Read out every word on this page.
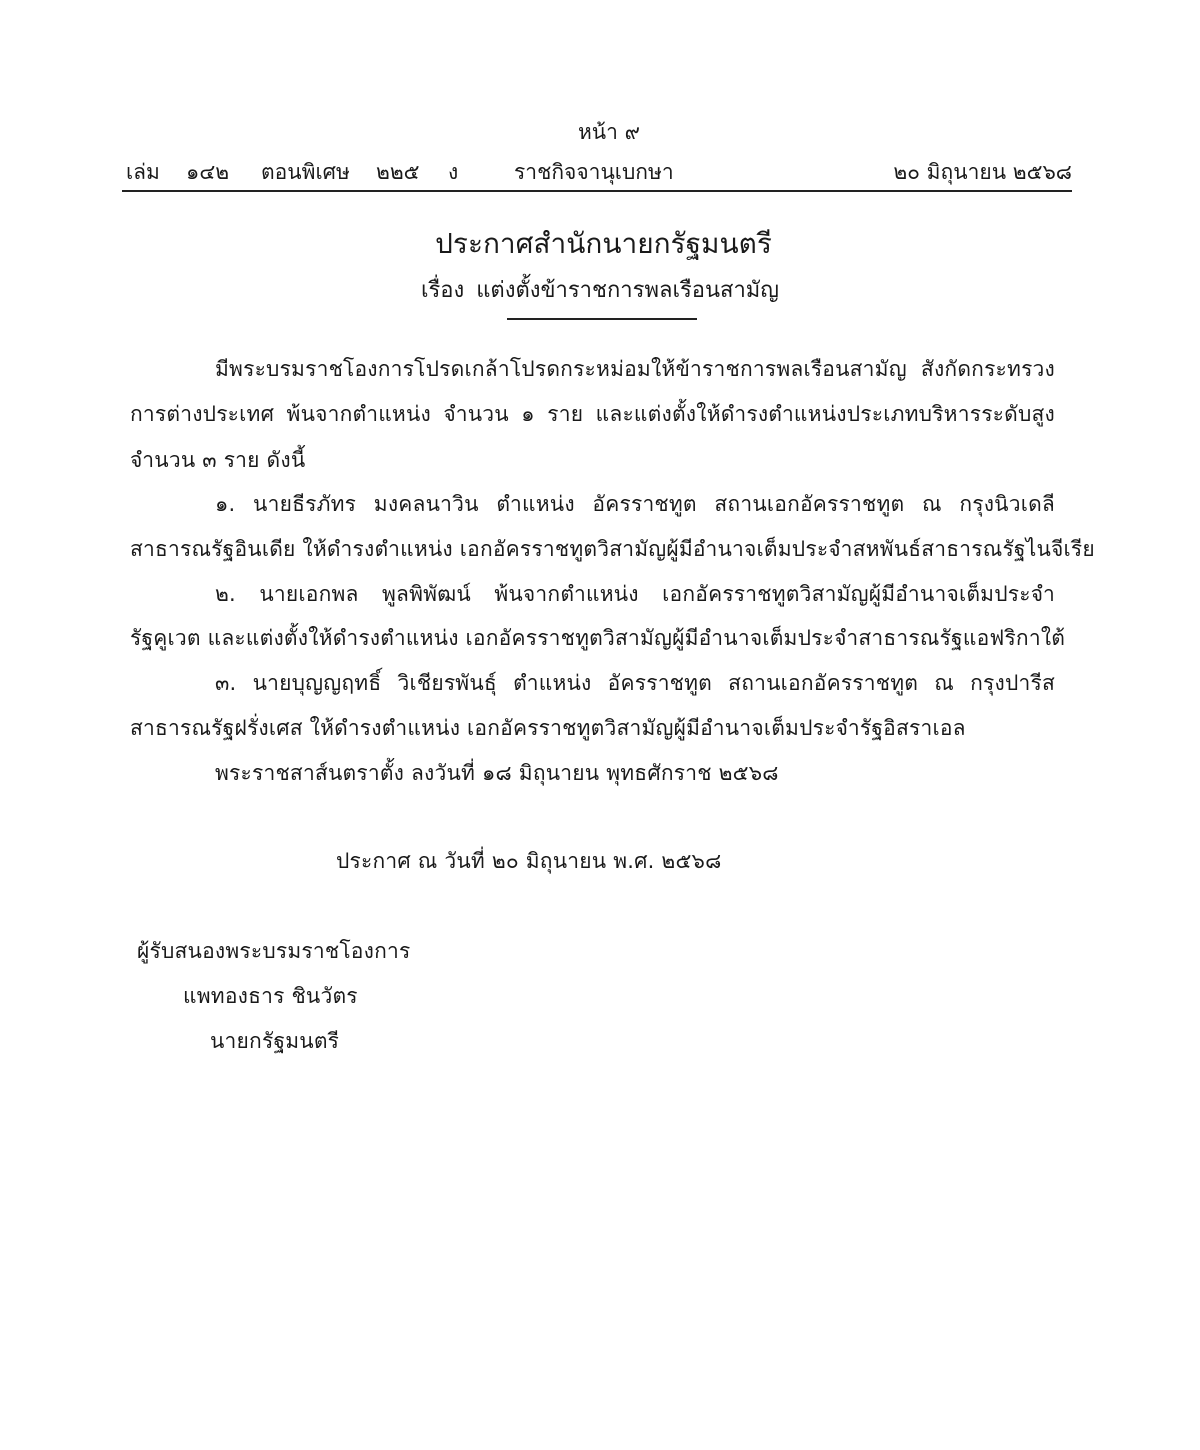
หน้า ๙
เล่ม ๑๔๒ ตอนพิเศษ ๒๒๕ ง	ราชกิจจานุเบกษา	๒๐ มิถุนายน ๒๕๖๘
ประกาศสำนักนายกรัฐมนตรี
เรื่อง แต่งตั้งข้าราชการพลเรือนสามัญ
มีพระบรมราชโองการโปรดเกล้าโปรดกระหม่อมให้ข้าราชการพลเรือนสามัญ สังกัดกระทรวง
การต่างประเทศ พ้นจากตำแหน่ง จำนวน ๑ ราย และแต่งตั้งให้ดำรงตำแหน่งประเภทบริหารระดับสูง
จำนวน ๓ ราย ดังนี้
๑. นายธีรภัทร มงคลนาวิน ตำแหน่ง อัครราชทูต สถานเอกอัครราชทูต ณ กรุงนิวเดลี
สาธารณรัฐอินเดีย ให้ดำรงตำแหน่ง เอกอัครราชทูตวิสามัญผู้มีอำนาจเต็มประจำสหพันธ์สาธารณรัฐไนจีเรีย
๒. นายเอกพล พูลพิพัฒน์ พ้นจากตำแหน่ง เอกอัครราชทูตวิสามัญผู้มีอำนาจเต็มประจำ
รัฐคูเวต และแต่งตั้งให้ดำรงตำแหน่ง เอกอัครราชทูตวิสามัญผู้มีอำนาจเต็มประจำสาธารณรัฐแอฟริกาใต้
๓. นายบุญญฤทธิ์ วิเชียรพันธุ์ ตำแหน่ง อัครราชทูต สถานเอกอัครราชทูต ณ กรุงปารีส
สาธารณรัฐฝรั่งเศส ให้ดำรงตำแหน่ง เอกอัครราชทูตวิสามัญผู้มีอำนาจเต็มประจำรัฐอิสราเอล
พระราชสาส์นตราตั้ง ลงวันที่ ๑๘ มิถุนายน พุทธศักราช ๒๕๖๘
ประกาศ ณ วันที่ ๒๐ มิถุนายน พ.ศ. ๒๕๖๘
ผู้รับสนองพระบรมราชโองการ
แพทองธาร ชินวัตร
นายกรัฐมนตรี
